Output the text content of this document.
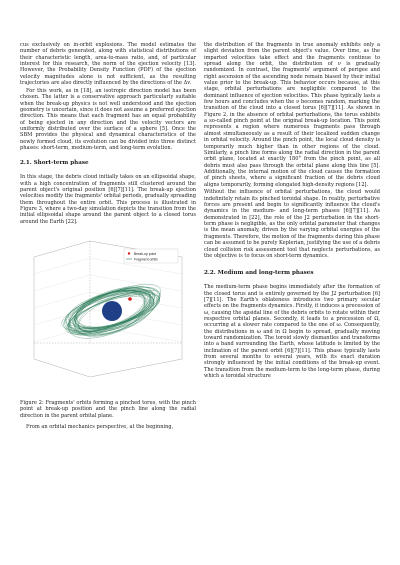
cus exclusively on in-orbit explosions. The model estimates the number of debris generated, along with statistical distributions of their characteristic length, area-to-mass ratio, and, of particular interest for this research, the norm of the ejection velocity [13]. However, the Probability Density Function (PDF) of the ejection velocity magnitudes alone is not sufficient, as the resulting trajectories are also directly influenced by the directions of the Δv.

For this work, as in [18], an isotropic direction model has been chosen. The latter is a conservative approach particularly suitable when the break-up physics is not well understood and the ejection geometry is uncertain, since it does not assume a preferred ejection direction. This means that each fragment has an equal probability of being ejected in any direction and the velocity vectors are uniformly distributed over the surface of a sphere [5]. Once the SBM provides the physical and dynamical characteristics of the newly formed cloud, its evolution can be divided into three distinct phases: short-term, medium-term, and long-term evolution.

2.1. Short-term phase

In this stage, the debris cloud initially takes on an ellipsoidal shape, with a high concentration of fragments still clustered around the parent object's original position [6][7][11]. The break-up ejection velocities modify the fragments' orbital periods, gradually spreading them throughout the entire orbit. This process is illustrated in Figure 3, where a two-day simulation depicts the transition from the initial ellipsoidal shape around the parent object to a closed torus around the Earth [22].

Break-up point
Fragment orbits

Figure 2: Fragments' orbits forming a pinched torus, with the pinch point at break-up position and the pinch line along the radial direction in the parent orbital plane.

From an orbital mechanics perspective, at the beginning,

the distribution of the fragments in true anomaly exhibits only a slight deviation from the parent object's value. Over time, as the imparted velocities take effect and the fragments continue to spread along the orbit, the distribution of ν is gradually randomized. In contrast, the fragments' argument of perigee and right ascension of the ascending node remain biased by their initial value prior to the break-up. This behavior occurs because, at this stage, orbital perturbations are negligible compared to the dominant influence of ejection velocities. This phase typically lasts a few hours and concludes when the ν becomes random, marking the transition of the cloud into a closed torus [6][7][11]. As shown in Figure 2, in the absence of orbital perturbations, the torus exhibits a so-called pinch point at the original break-up location. This point represents a region where numerous fragments pass through almost simultaneously as a result of their localized sudden change in orbital velocity. Around the pinch point, the local cloud density is temporarily much higher than in other regions of the cloud. Similarly, a pinch line forms along the radial direction in the parent orbit plane, located at exactly 180° from the pinch point, as all debris must also pass through the orbital plane along this line [5]. Additionally, the internal motion of the cloud causes the formation of pinch sheets, where a significant fraction of the debris cloud aligns temporarily, forming elongated high-density regions [12].

Without the influence of orbital perturbations, the cloud would indefinitely retain its pinched toroidal shape. In reality, perturbative forces are present and begin to significantly influence the cloud's dynamics in the medium- and long-term phases [6][7][11]. As demonstrated in [22], the role of the J2 perturbation in the short-term phase is negligible, as the only orbital parameter that changes is the mean anomaly, driven by the varying orbital energies of the fragments. Therefore, the motion of the fragments during this phase can be assumed to be purely Keplerian, justifying the use of a debris cloud collision risk assessment tool that neglects perturbations, as the objective is to focus on short-term dynamics.

2.2. Medium and long-term phases

The medium-term phase begins immediately after the formation of the closed torus and is entirely governed by the J2 perturbation [6][7][11]. The Earth's oblateness introduces two primary secular effects on the fragments dynamics. Firstly, it induces a precession of ω, causing the apsidal line of the debris orbits to rotate within their respective orbital planes. Secondly, it leads to a precession of Ω, occurring at a slower rate compared to the one of ω. Consequently, the distributions in ω and in Ω begin to spread, gradually moving toward randomization. The toroid slowly dismantles and transforms into a band surrounding the Earth, whose latitude is limited by the inclination of the parent orbit [6][7][11]. This phase typically lasts from several months to several years, with its exact duration strongly influenced by the initial conditions of the break-up event. The transition from the medium-term to the long-term phase, during which a toroidal structure
